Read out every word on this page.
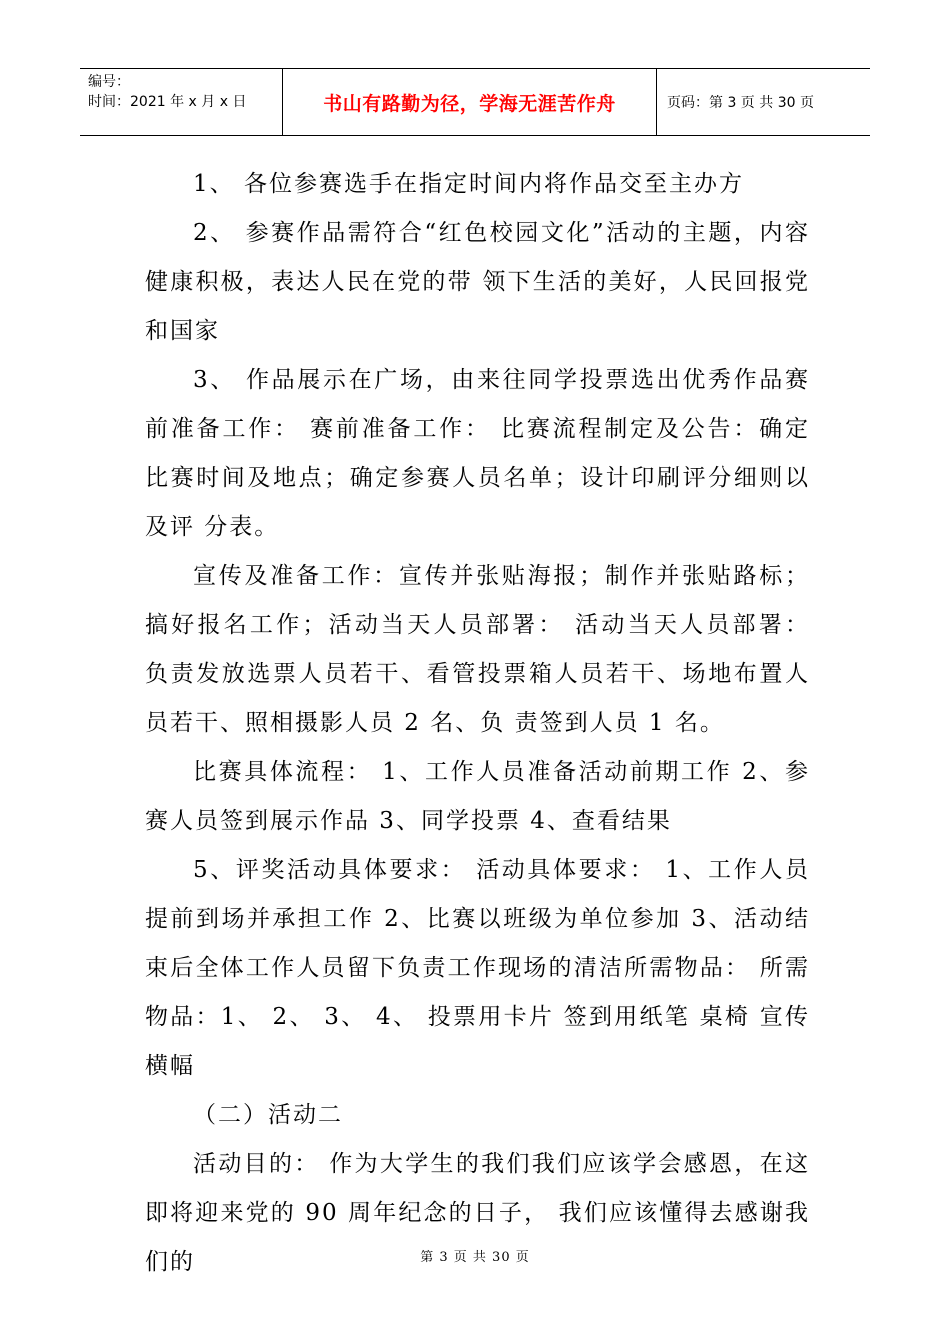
编号：
时间：2021 年 x 月 x 日	书山有路勤为径，学海无涯苦作舟	页码：第 3 页 共 30 页

1、 各位参赛选手在指定时间内将作品交至主办方

2、 参赛作品需符合“红色校园文化”活动的主题，内容健康积极，表达人民在党的带 领下生活的美好，人民回报党和国家

3、 作品展示在广场，由来往同学投票选出优秀作品赛前准备工作： 赛前准备工作： 比赛流程制定及公告：确定比赛时间及地点；确定参赛人员名单；设计印刷评分细则以及评 分表。

宣传及准备工作：宣传并张贴海报；制作并张贴路标；搞好报名工作；活动当天人员部署： 活动当天人员部署： 负责发放选票人员若干、看管投票箱人员若干、场地布置人员若干、照相摄影人员 2 名、负 责签到人员 1 名。

比赛具体流程： 1、工作人员准备活动前期工作 2、参赛人员签到展示作品 3、同学投票 4、查看结果

5、评奖活动具体要求： 活动具体要求： 1、工作人员提前到场并承担工作 2、比赛以班级为单位参加 3、活动结束后全体工作人员留下负责工作现场的清洁所需物品： 所需物品：1、 2、 3、 4、 投票用卡片 签到用纸笔 桌椅 宣传横幅

（二）活动二

活动目的： 作为大学生的我们我们应该学会感恩，在这即将迎来党的 90 周年纪念的日子， 我们应该懂得去感谢我们的	第 3 页 共 30 页
